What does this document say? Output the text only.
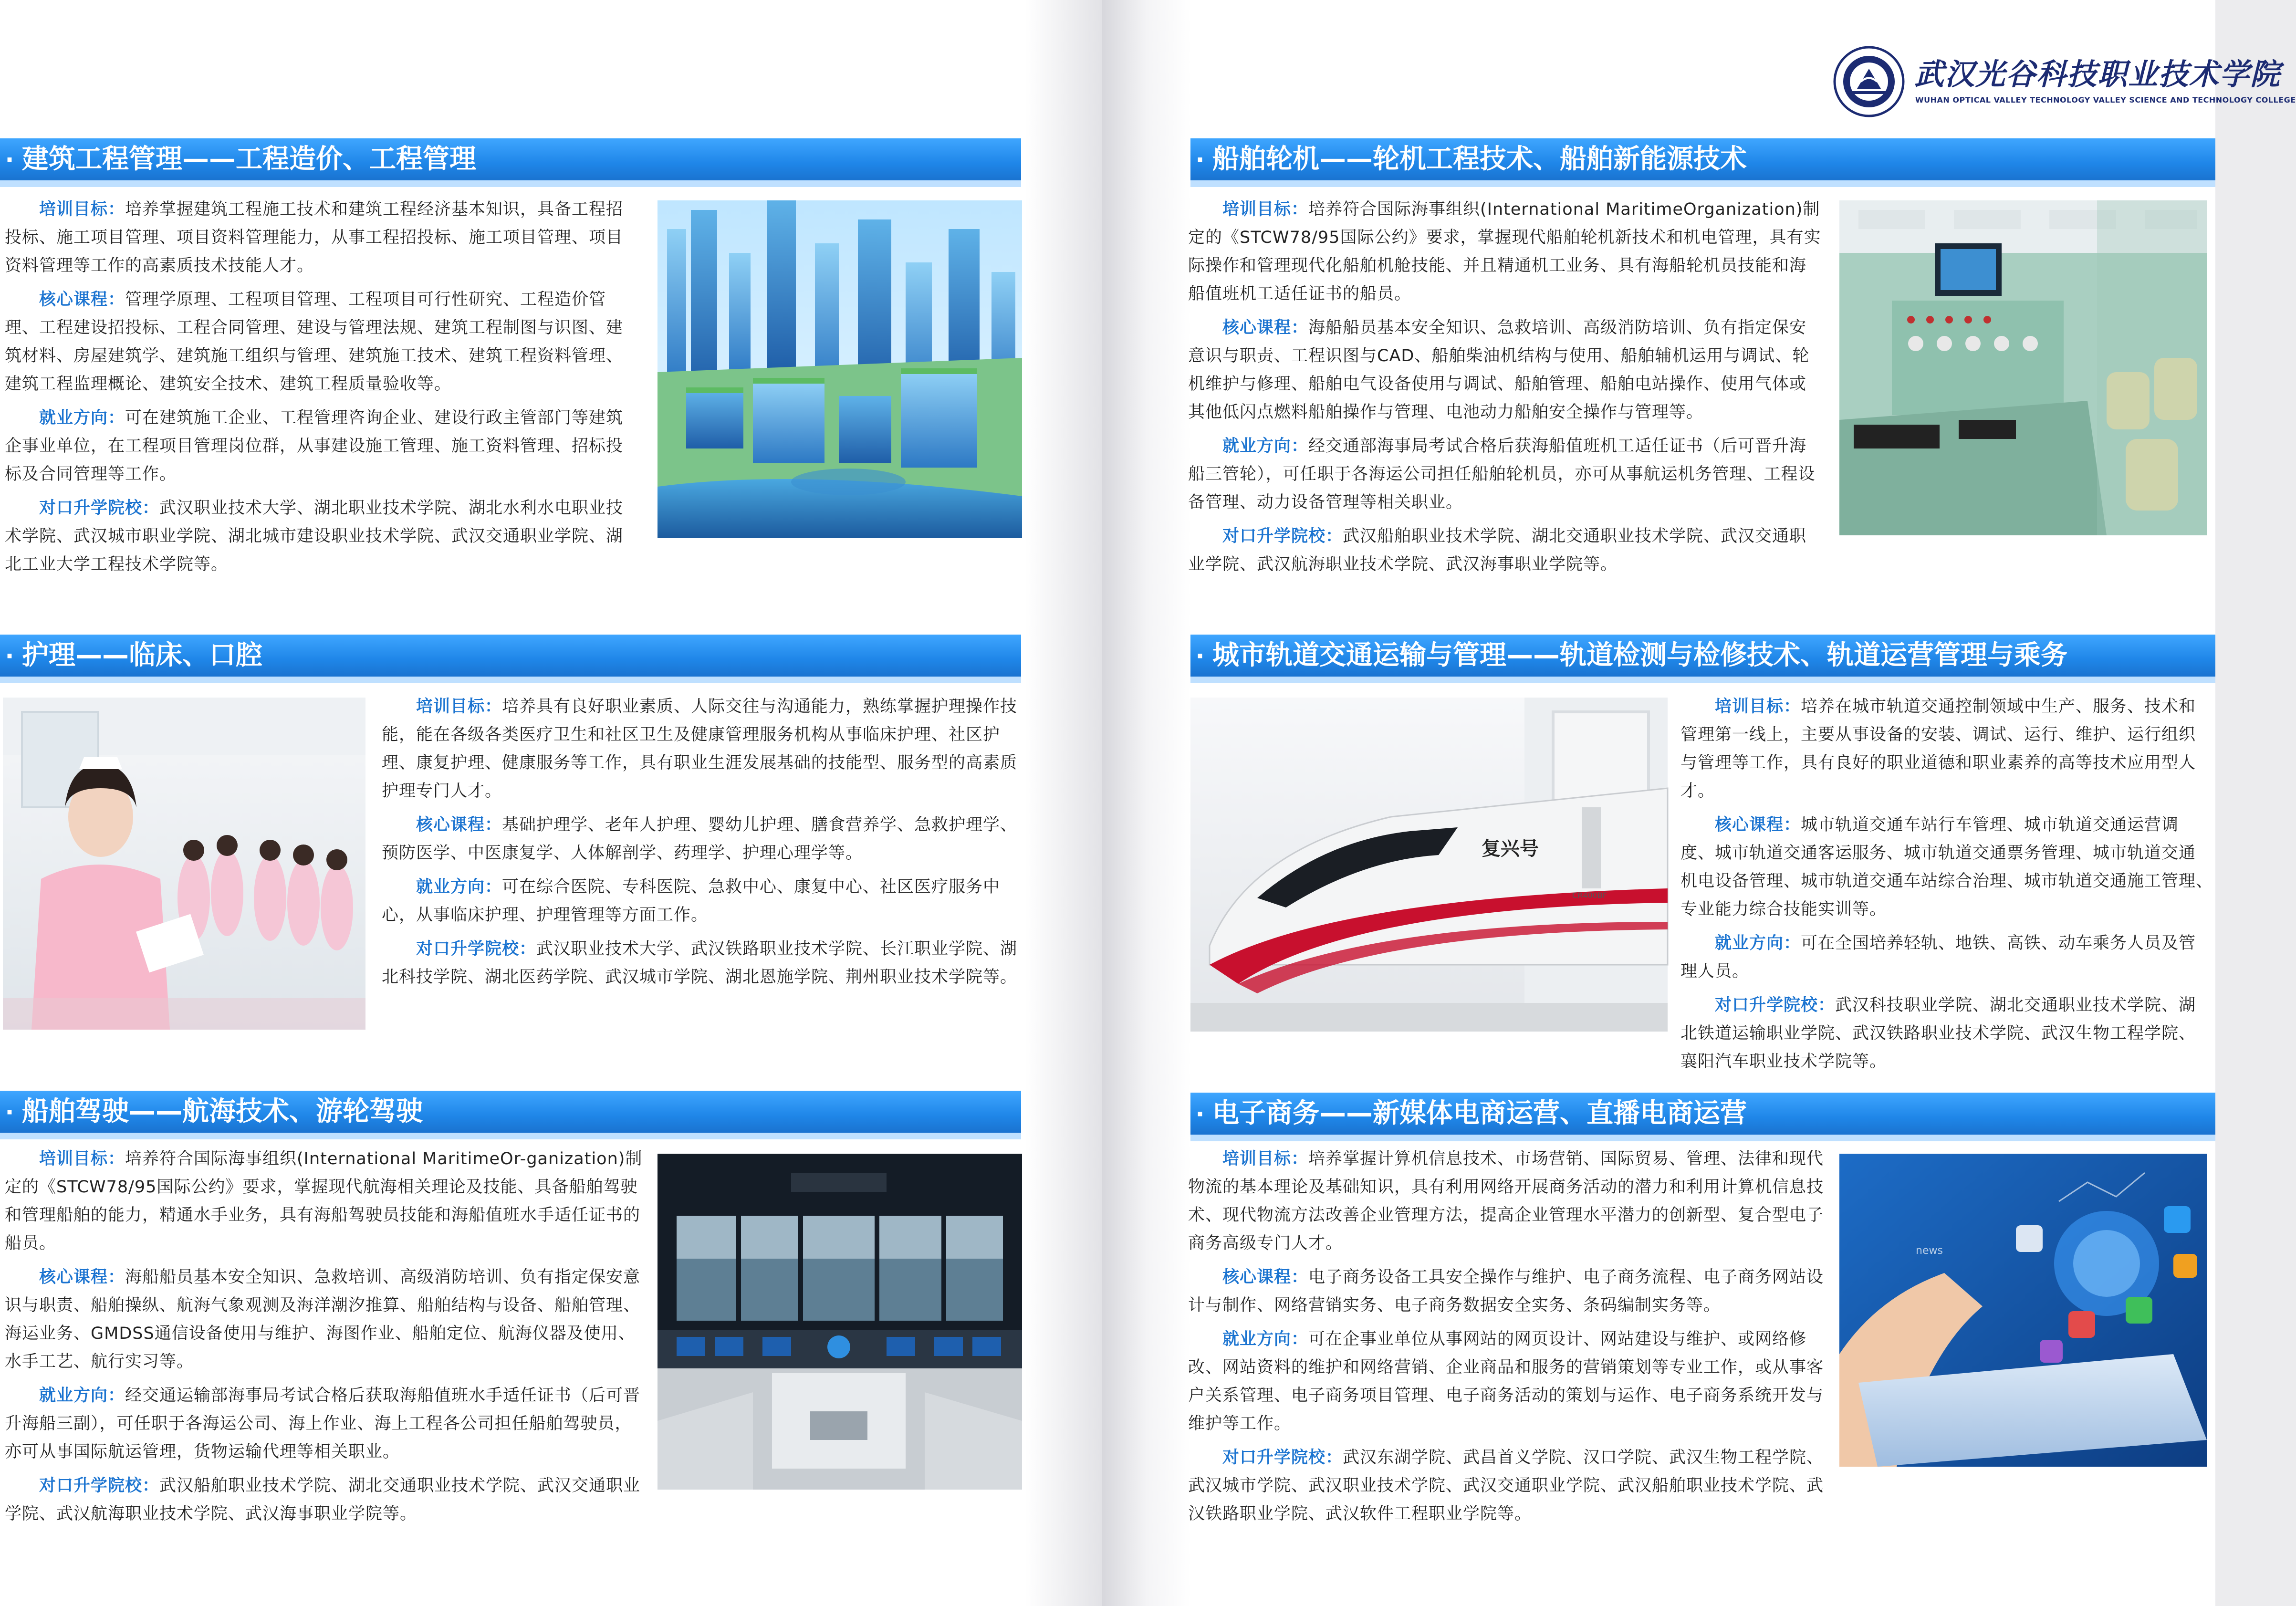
· 建筑工程管理——工程造价、工程管理

培训目标：培养掌握建筑工程施工技术和建筑工程经济基本知识，具备工程招投标、施工项目管理、项目资料管理能力，从事工程招投标、施工项目管理、项目资料管理等工作的高素质技术技能人才。

核心课程：管理学原理、工程项目管理、工程项目可行性研究、工程造价管理、工程建设招投标、工程合同管理、建设与管理法规、建筑工程制图与识图、建筑材料、房屋建筑学、建筑施工组织与管理、建筑施工技术、建筑工程资料管理、建筑工程监理概论、建筑安全技术、建筑工程质量验收等。

就业方向：可在建筑施工企业、工程管理咨询企业、建设行政主管部门等建筑企事业单位，在工程项目管理岗位群，从事建设施工管理、施工资料管理、招标投标及合同管理等工作。

对口升学院校：武汉职业技术大学、湖北职业技术学院、湖北水利水电职业技术学院、武汉城市职业学院、湖北城市建设职业技术学院、武汉交通职业学院、湖北工业大学工程技术学院等。

· 护理——临床、口腔

培训目标：培养具有良好职业素质、人际交往与沟通能力，熟练掌握护理操作技能，能在各级各类医疗卫生和社区卫生及健康管理服务机构从事临床护理、社区护理、康复护理、健康服务等工作，具有职业生涯发展基础的技能型、服务型的高素质护理专门人才。

核心课程：基础护理学、老年人护理、婴幼儿护理、膳食营养学、急救护理学、预防医学、中医康复学、人体解剖学、药理学、护理心理学等。

就业方向：可在综合医院、专科医院、急救中心、康复中心、社区医疗服务中心，从事临床护理、护理管理等方面工作。

对口升学院校：武汉职业技术大学、武汉铁路职业技术学院、长江职业学院、湖北科技学院、湖北医药学院、武汉城市学院、湖北恩施学院、荆州职业技术学院等。

· 船舶驾驶——航海技术、游轮驾驶

培训目标：培养符合国际海事组织(International MaritimeOr-ganization)制定的《STCW78/95国际公约》要求，掌握现代航海相关理论及技能、具备船舶驾驶和管理船舶的能力，精通水手业务，具有海船驾驶员技能和海船值班水手适任证书的船员。

核心课程：海船船员基本安全知识、急救培训、高级消防培训、负有指定保安意识与职责、船舶操纵、航海气象观测及海洋潮汐推算、船舶结构与设备、船舶管理、海运业务、GMDSS通信设备使用与维护、海图作业、船舶定位、航海仪器及使用、水手工艺、航行实习等。

就业方向：经交通运输部海事局考试合格后获取海船值班水手适任证书（后可晋升海船三副），可任职于各海运公司、海上作业、海上工程各公司担任船舶驾驶员，亦可从事国际航运管理，货物运输代理等相关职业。

对口升学院校：武汉船舶职业技术学院、湖北交通职业技术学院、武汉交通职业学院、武汉航海职业技术学院、武汉海事职业学院等。

武汉光谷科技职业技术学院
WUHAN OPTICAL VALLEY TECHNOLOGY VALLEY SCIENCE AND TECHNOLOGY COLLEGE
· 船舶轮机——轮机工程技术、船舶新能源技术

培训目标：培养符合国际海事组织(International MaritimeOrganization)制定的《STCW78/95国际公约》要求，掌握现代船舶轮机新技术和机电管理，具有实际操作和管理现代化船舶机舱技能、并且精通机工业务、具有海船轮机员技能和海船值班机工适任证书的船员。

核心课程：海船船员基本安全知识、急救培训、高级消防培训、负有指定保安意识与职责、工程识图与CAD、船舶柴油机结构与使用、船舶辅机运用与调试、轮机维护与修理、船舶电气设备使用与调试、船舶管理、船舶电站操作、使用气体或其他低闪点燃料船舶操作与管理、电池动力船舶安全操作与管理等。

就业方向：经交通部海事局考试合格后获海船值班机工适任证书（后可晋升海船三管轮），可任职于各海运公司担任船舶轮机员，亦可从事航运机务管理、工程设备管理、动力设备管理等相关职业。

对口升学院校：武汉船舶职业技术学院、湖北交通职业技术学院、武汉交通职业学院、武汉航海职业技术学院、武汉海事职业学院等。

· 城市轨道交通运输与管理——轨道检测与检修技术、轨道运营管理与乘务
复兴号
CR400BF

培训目标：培养在城市轨道交通控制领域中生产、服务、技术和管理第一线上，主要从事设备的安装、调试、运行、维护、运行组织与管理等工作，具有良好的职业道德和职业素养的高等技术应用型人才。

核心课程：城市轨道交通车站行车管理、城市轨道交通运营调度、城市轨道交通客运服务、城市轨道交通票务管理、城市轨道交通机电设备管理、城市轨道交通车站综合治理、城市轨道交通施工管理、　专业能力综合技能实训等。

就业方向：可在全国培养轻轨、地铁、高铁、动车乘务人员及管理人员。

对口升学院校：武汉科技职业学院、湖北交通职业技术学院、湖北铁道运输职业学院、武汉铁路职业技术学院、武汉生物工程学院、襄阳汽车职业技术学院等。

· 电子商务——新媒体电商运营、直播电商运营

培训目标：培养掌握计算机信息技术、市场营销、国际贸易、管理、法律和现代物流的基本理论及基础知识，具有利用网络开展商务活动的潜力和利用计算机信息技术、现代物流方法改善企业管理方法，提高企业管理水平潜力的创新型、复合型电子商务高级专门人才。

核心课程：电子商务设备工具安全操作与维护、电子商务流程、电子商务网站设计与制作、网络营销实务、电子商务数据安全实务、条码编制实务等。

就业方向：可在企事业单位从事网站的网页设计、网站建设与维护、或网络修改、网站资料的维护和网络营销、企业商品和服务的营销策划等专业工作，或从事客户关系管理、电子商务项目管理、电子商务活动的策划与运作、电子商务系统开发与维护等工作。

对口升学院校：武汉东湖学院、武昌首义学院、汉口学院、武汉生物工程学院、武汉城市学院、武汉职业技术学院、武汉交通职业学院、武汉船舶职业技术学院、武汉铁路职业学院、武汉软件工程职业学院等。

news
